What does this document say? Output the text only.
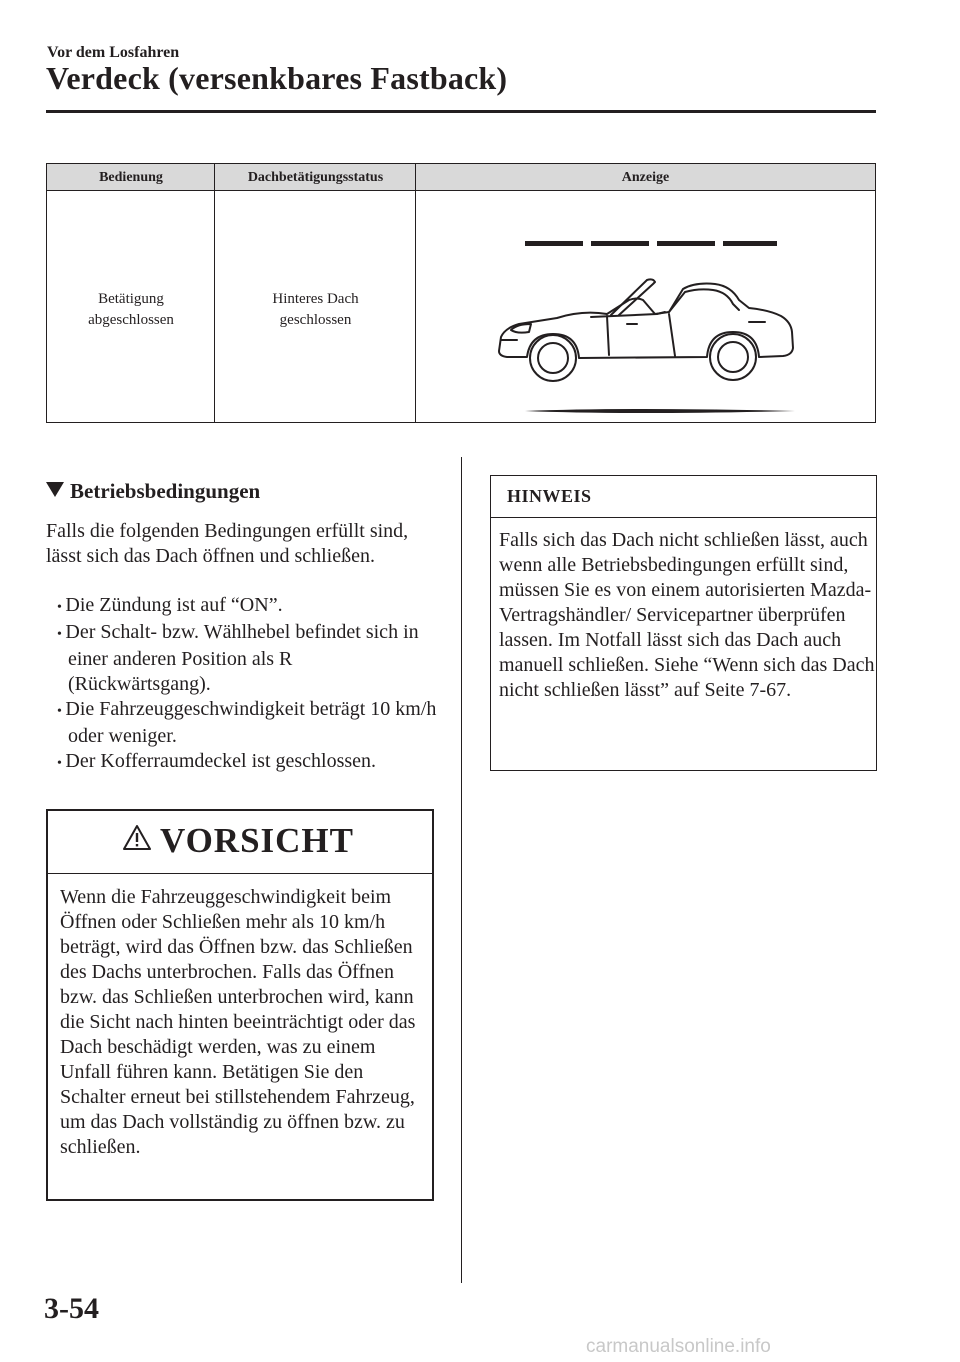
Vor dem Losfahren
Verdeck (versenkbares Fastback)
Bedienung	Dachbetätigungsstatus	Anzeige
Betätigung
abgeschlossen
Hinteres Dach
geschlossen
Betriebsbedingungen
Falls die folgenden Bedingungen erfüllt sind, lässt sich das Dach öffnen und schließen.
• Die Zündung ist auf “ON”.
• Der Schalt- bzw. Wählhebel befindet sich in einer anderen Position als R (Rückwärtsgang).
• Die Fahrzeuggeschwindigkeit beträgt 10 km/h oder weniger.
• Der Kofferraumdeckel ist geschlossen.
VORSICHT
Wenn die Fahrzeuggeschwindigkeit beim Öffnen oder Schließen mehr als 10 km/h beträgt, wird das Öffnen bzw. das Schließen des Dachs unterbrochen. Falls das Öffnen bzw. das Schließen unterbrochen wird, kann die Sicht nach hinten beeinträchtigt oder das Dach beschädigt werden, was zu einem Unfall führen kann. Betätigen Sie den Schalter erneut bei stillstehendem Fahrzeug, um das Dach vollständig zu öffnen bzw. zu schließen.
HINWEIS
Falls sich das Dach nicht schließen lässt, auch wenn alle Betriebsbedingungen erfüllt sind, müssen Sie es von einem autorisierten Mazda-Vertragshändler/ Servicepartner überprüfen lassen. Im Notfall lässt sich das Dach auch manuell schließen. Siehe “Wenn sich das Dach nicht schließen lässt” auf Seite 7-67.
3-54
carmanualsonline.info
